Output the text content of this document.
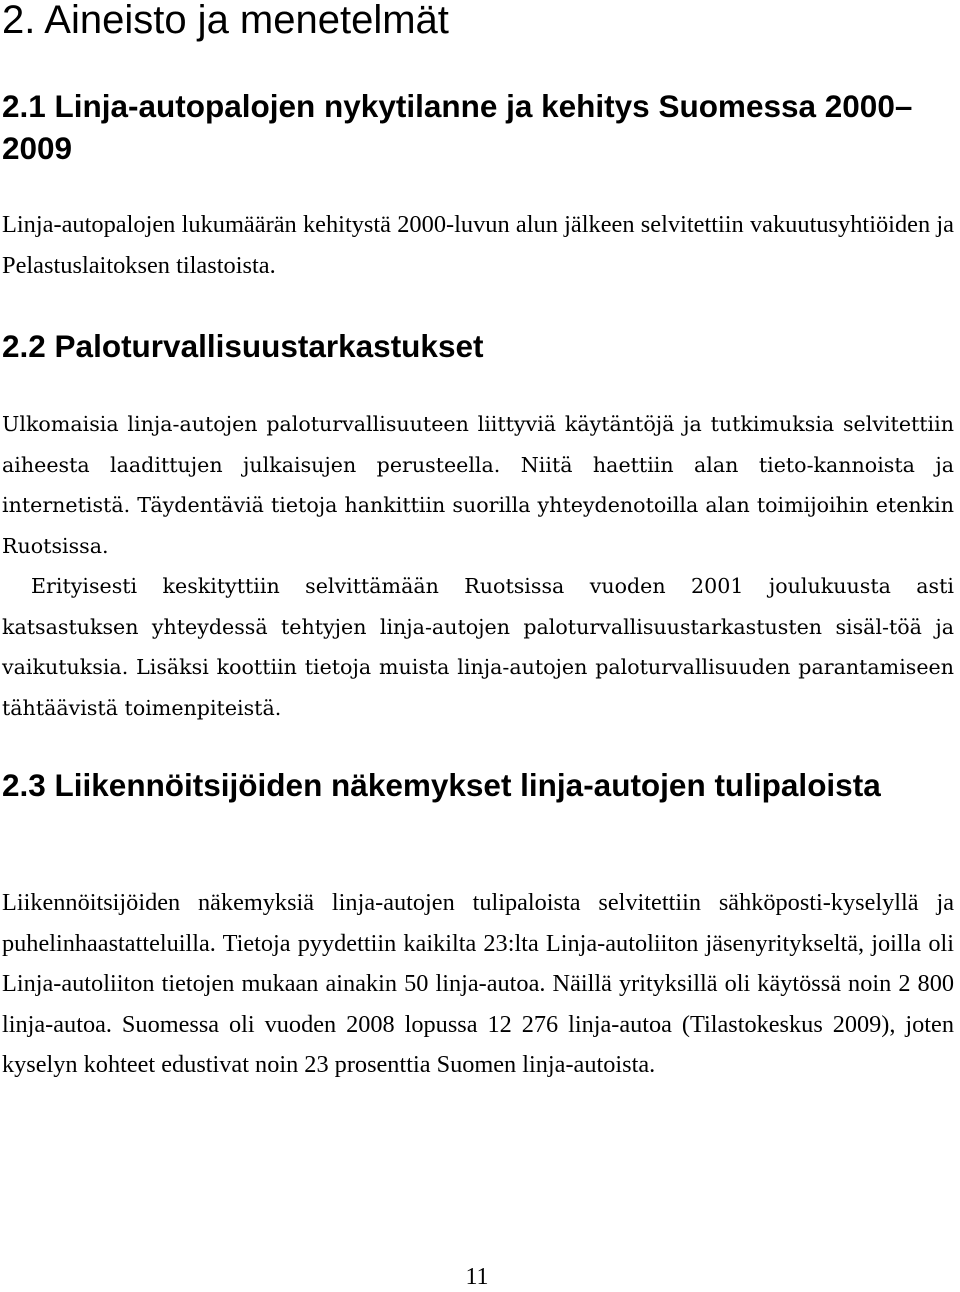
2. Aineisto ja menetelmät
2.1 Linja-autopalojen nykytilanne ja kehitys Suomessa 2000–2009

Linja-autopalojen lukumäärän kehitystä 2000-luvun alun jälkeen selvitettiin vakuutusyhtiöiden ja Pelastuslaitoksen tilastoista.

2.2 Paloturvallisuustarkastukset

Ulkomaisia linja-autojen paloturvallisuuteen liittyviä käytäntöjä ja tutkimuksia selvitettiin aiheesta laadittujen julkaisujen perusteella. Niitä haettiin alan tieto-kannoista ja internetistä. Täydentäviä tietoja hankittiin suorilla yhteydenotoilla alan toimijoihin etenkin Ruotsissa.

Erityisesti keskityttiin selvittämään Ruotsissa vuoden 2001 joulukuusta asti katsastuksen yhteydessä tehtyjen linja-autojen paloturvallisuustarkastusten sisäl-töä ja vaikutuksia. Lisäksi koottiin tietoja muista linja-autojen paloturvallisuuden parantamiseen tähtäävistä toimenpiteistä.

2.3 Liikennöitsijöiden näkemykset linja-autojen tulipaloista

Liikennöitsijöiden näkemyksiä linja-autojen tulipaloista selvitettiin sähköposti-kyselyllä ja puhelinhaastatteluilla. Tietoja pyydettiin kaikilta 23:lta Linja-autoliiton jäsenyritykseltä, joilla oli Linja-autoliiton tietojen mukaan ainakin 50 linja-autoa. Näillä yrityksillä oli käytössä noin 2 800 linja-autoa. Suomessa oli vuoden 2008 lopussa 12 276 linja-autoa (Tilastokeskus 2009), joten kyselyn kohteet edustivat noin 23 prosenttia Suomen linja-autoista.

11
